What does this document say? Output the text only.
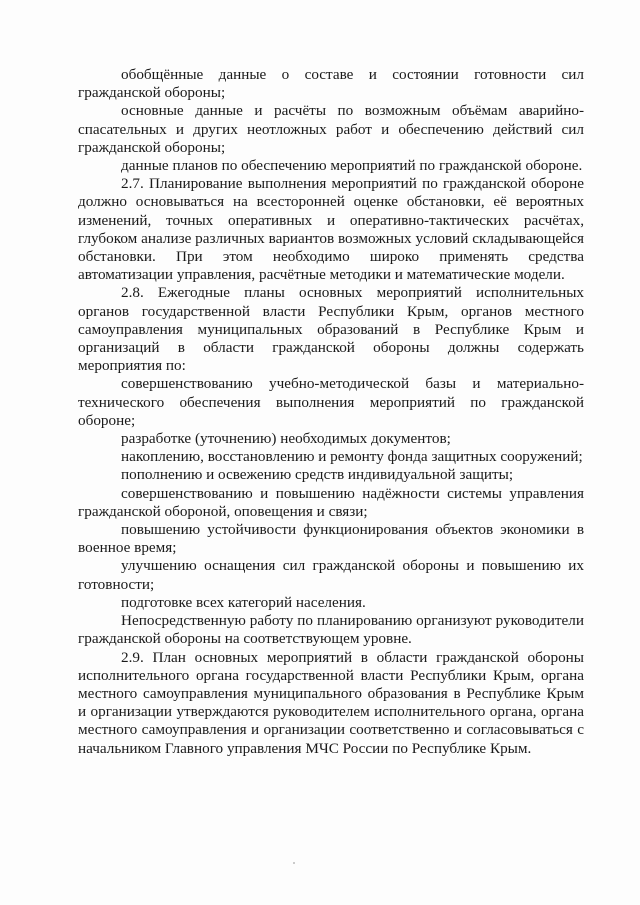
обобщённые данные о составе и состоянии готовности сил гражданской обороны;

основные данные и расчёты по возможным объёмам аварийно-спасательных и других неотложных работ и обеспечению действий сил гражданской обороны;

данные планов по обеспечению мероприятий по гражданской обороне.

2.7. Планирование выполнения мероприятий по гражданской обороне должно основываться на всесторонней оценке обстановки, её вероятных изменений, точных оперативных и оперативно-тактических расчётах, глубоком анализе различных вариантов возможных условий складывающейся обстановки. При этом необходимо широко применять средства автоматизации управления, расчётные методики и математические модели.

2.8. Ежегодные планы основных мероприятий исполнительных органов государственной власти Республики Крым, органов местного самоуправления муниципальных образований в Республике Крым и организаций в области гражданской обороны должны содержать мероприятия по:

совершенствованию учебно-методической базы и материально-технического обеспечения выполнения мероприятий по гражданской обороне;

разработке (уточнению) необходимых документов;

накоплению, восстановлению и ремонту фонда защитных сооружений;

пополнению и освежению средств индивидуальной защиты;

совершенствованию и повышению надёжности системы управления гражданской обороной, оповещения и связи;

повышению устойчивости функционирования объектов экономики в военное время;

улучшению оснащения сил гражданской обороны и повышению их готовности;

подготовке всех категорий населения.

Непосредственную работу по планированию организуют руководители гражданской обороны на соответствующем уровне.

2.9. План основных мероприятий в области гражданской обороны исполнительного органа государственной власти Республики Крым, органа местного самоуправления муниципального образования в Республике Крым и организации утверждаются руководителем исполнительного органа, органа местного самоуправления и организации соответственно и согласовываться с начальником Главного управления МЧС России по Республике Крым.
